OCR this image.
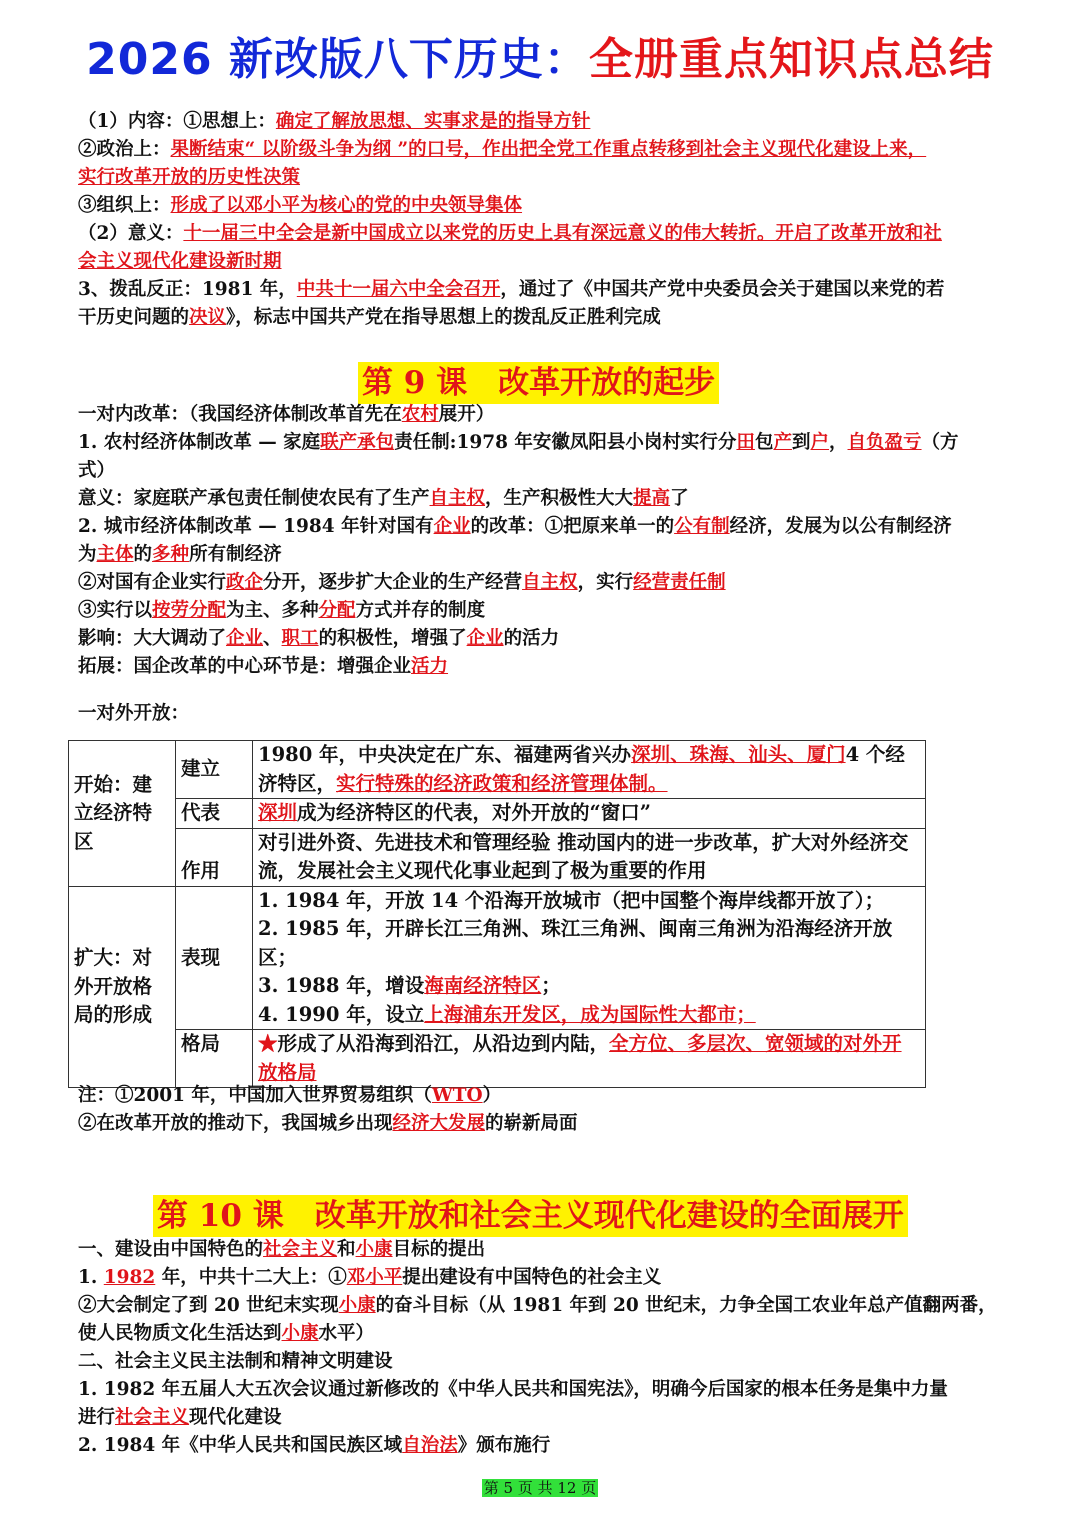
2026 新改版八下历史：全册重点知识点总结
（1）内容：①思想上：确定了解放思想、实事求是的指导方针
②政治上：果断结束“ 以阶级斗争为纲 ”的口号，作出把全党工作重点转移到社会主义现代化建设上来，
实行改革开放的历史性决策
③组织上：形成了以邓小平为核心的党的中央领导集体
（2）意义：十一届三中全会是新中国成立以来党的历史上具有深远意义的伟大转折。开启了改革开放和社
会主义现代化建设新时期
3、拨乱反正：1981 年，中共十一届六中全会召开，通过了《中国共产党中央委员会关于建国以来党的若
干历史问题的决议》，标志中国共产党在指导思想上的拨乱反正胜利完成
第 9 课　改革开放的起步
一对内改革：（我国经济体制改革首先在农村展开）
1. 农村经济体制改革 — 家庭联产承包责任制:1978 年安徽凤阳县小岗村实行分田包产到户，自负盈亏（方
式）
意义：家庭联产承包责任制使农民有了生产自主权，生产积极性大大提高了
2. 城市经济体制改革 — 1984 年针对国有企业的改革：①把原来单一的公有制经济，发展为以公有制经济
为主体的多种所有制经济
②对国有企业实行政企分开，逐步扩大企业的生产经营自主权，实行经营责任制
③实行以按劳分配为主、多种分配方式并存的制度
影响：大大调动了企业、职工的积极性，增强了企业的活力
拓展：国企改革的中心环节是：增强企业活力
一对外开放：
开始：建立经济特区	建立	1980 年，中央决定在广东、福建两省兴办深圳、珠海、汕头、厦门4 个经济特区，实行特殊的经济政策和经济管理体制。

	代表	深圳成为经济特区的代表，对外开放的“窗口”
	作用	对引进外资、先进技术和管理经验 推动国内的进一步改革，扩大对外经济交流，发展社会主义现代化事业起到了极为重要的作用
扩大：对外开放格局的形成	表现	1. 1984 年，开放 14 个沿海开放城市（把中国整个海岸线都开放了）；
2. 1985 年，开辟长江三角洲、珠江三角洲、闽南三角洲为沿海经济开放区；
3. 1988 年，增设海南经济特区；
4. 1990 年，设立上海浦东开发区，成为国际性大都市；

	格局	★形成了从沿海到沿江，从沿边到内陆，全方位、多层次、宽领域的对外开放格局
注：①2001 年，中国加入世界贸易组织（WTO）
②在改革开放的推动下，我国城乡出现经济大发展的崭新局面
第 10 课　改革开放和社会主义现代化建设的全面展开
一、建设由中国特色的社会主义和小康目标的提出
1. 1982 年，中共十二大上：①邓小平提出建设有中国特色的社会主义
②大会制定了到 20 世纪末实现小康的奋斗目标（从 1981 年到 20 世纪末，力争全国工农业年总产值翻两番，
使人民物质文化生活达到小康水平）
二、社会主义民主法制和精神文明建设
1. 1982 年五届人大五次会议通过新修改的《中华人民共和国宪法》，明确今后国家的根本任务是集中力量
进行社会主义现代化建设
2. 1984 年《中华人民共和国民族区域自治法》颁布施行
第 5 页 共 12 页
